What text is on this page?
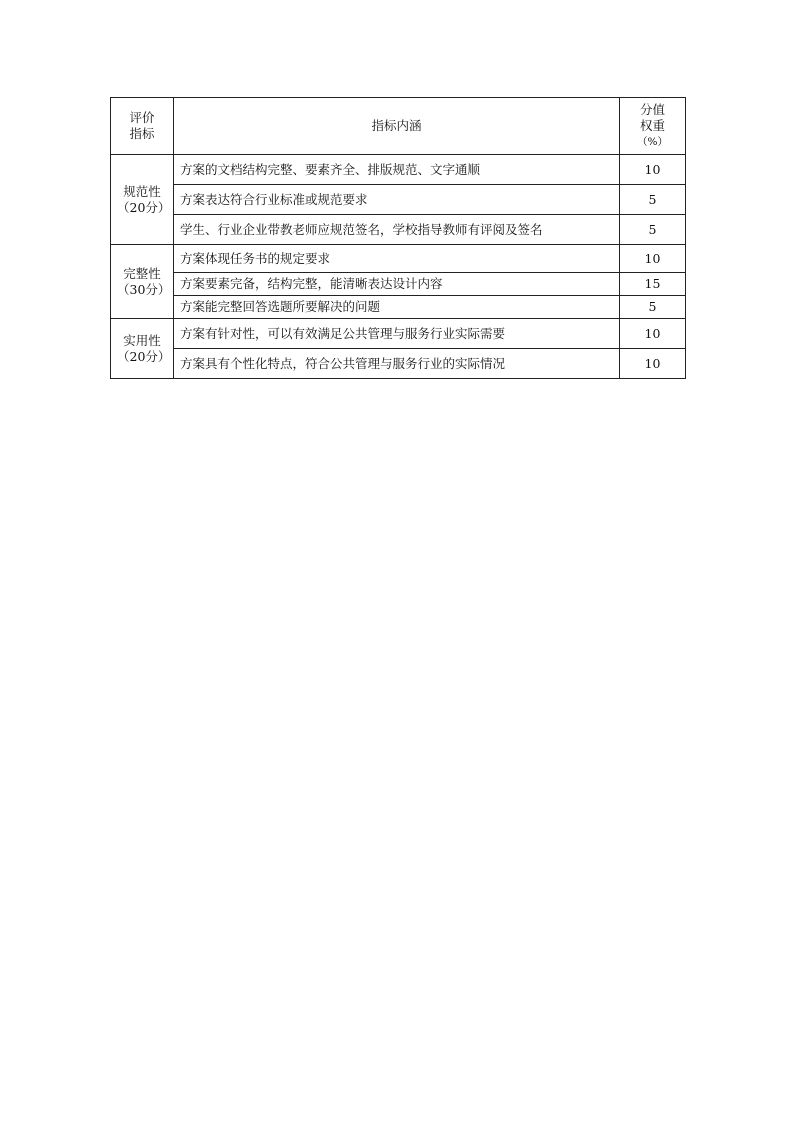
评价
指标	指标内涵	分值
权重
（%）

规范性
（20分）	方案的文档结构完整、要素齐全、排版规范、文字通顺	10
	方案表达符合行业标准或规范要求	5
	学生、行业企业带教老师应规范签名，学校指导教师有评阅及签名	5

完整性
（30分）	方案体现任务书的规定要求	10
	方案要素完备，结构完整，能清晰表达设计内容	15
	方案能完整回答选题所要解决的问题	5

实用性
（20分）	方案有针对性，可以有效满足公共管理与服务行业实际需要	10
	方案具有个性化特点，符合公共管理与服务行业的实际情况	10
